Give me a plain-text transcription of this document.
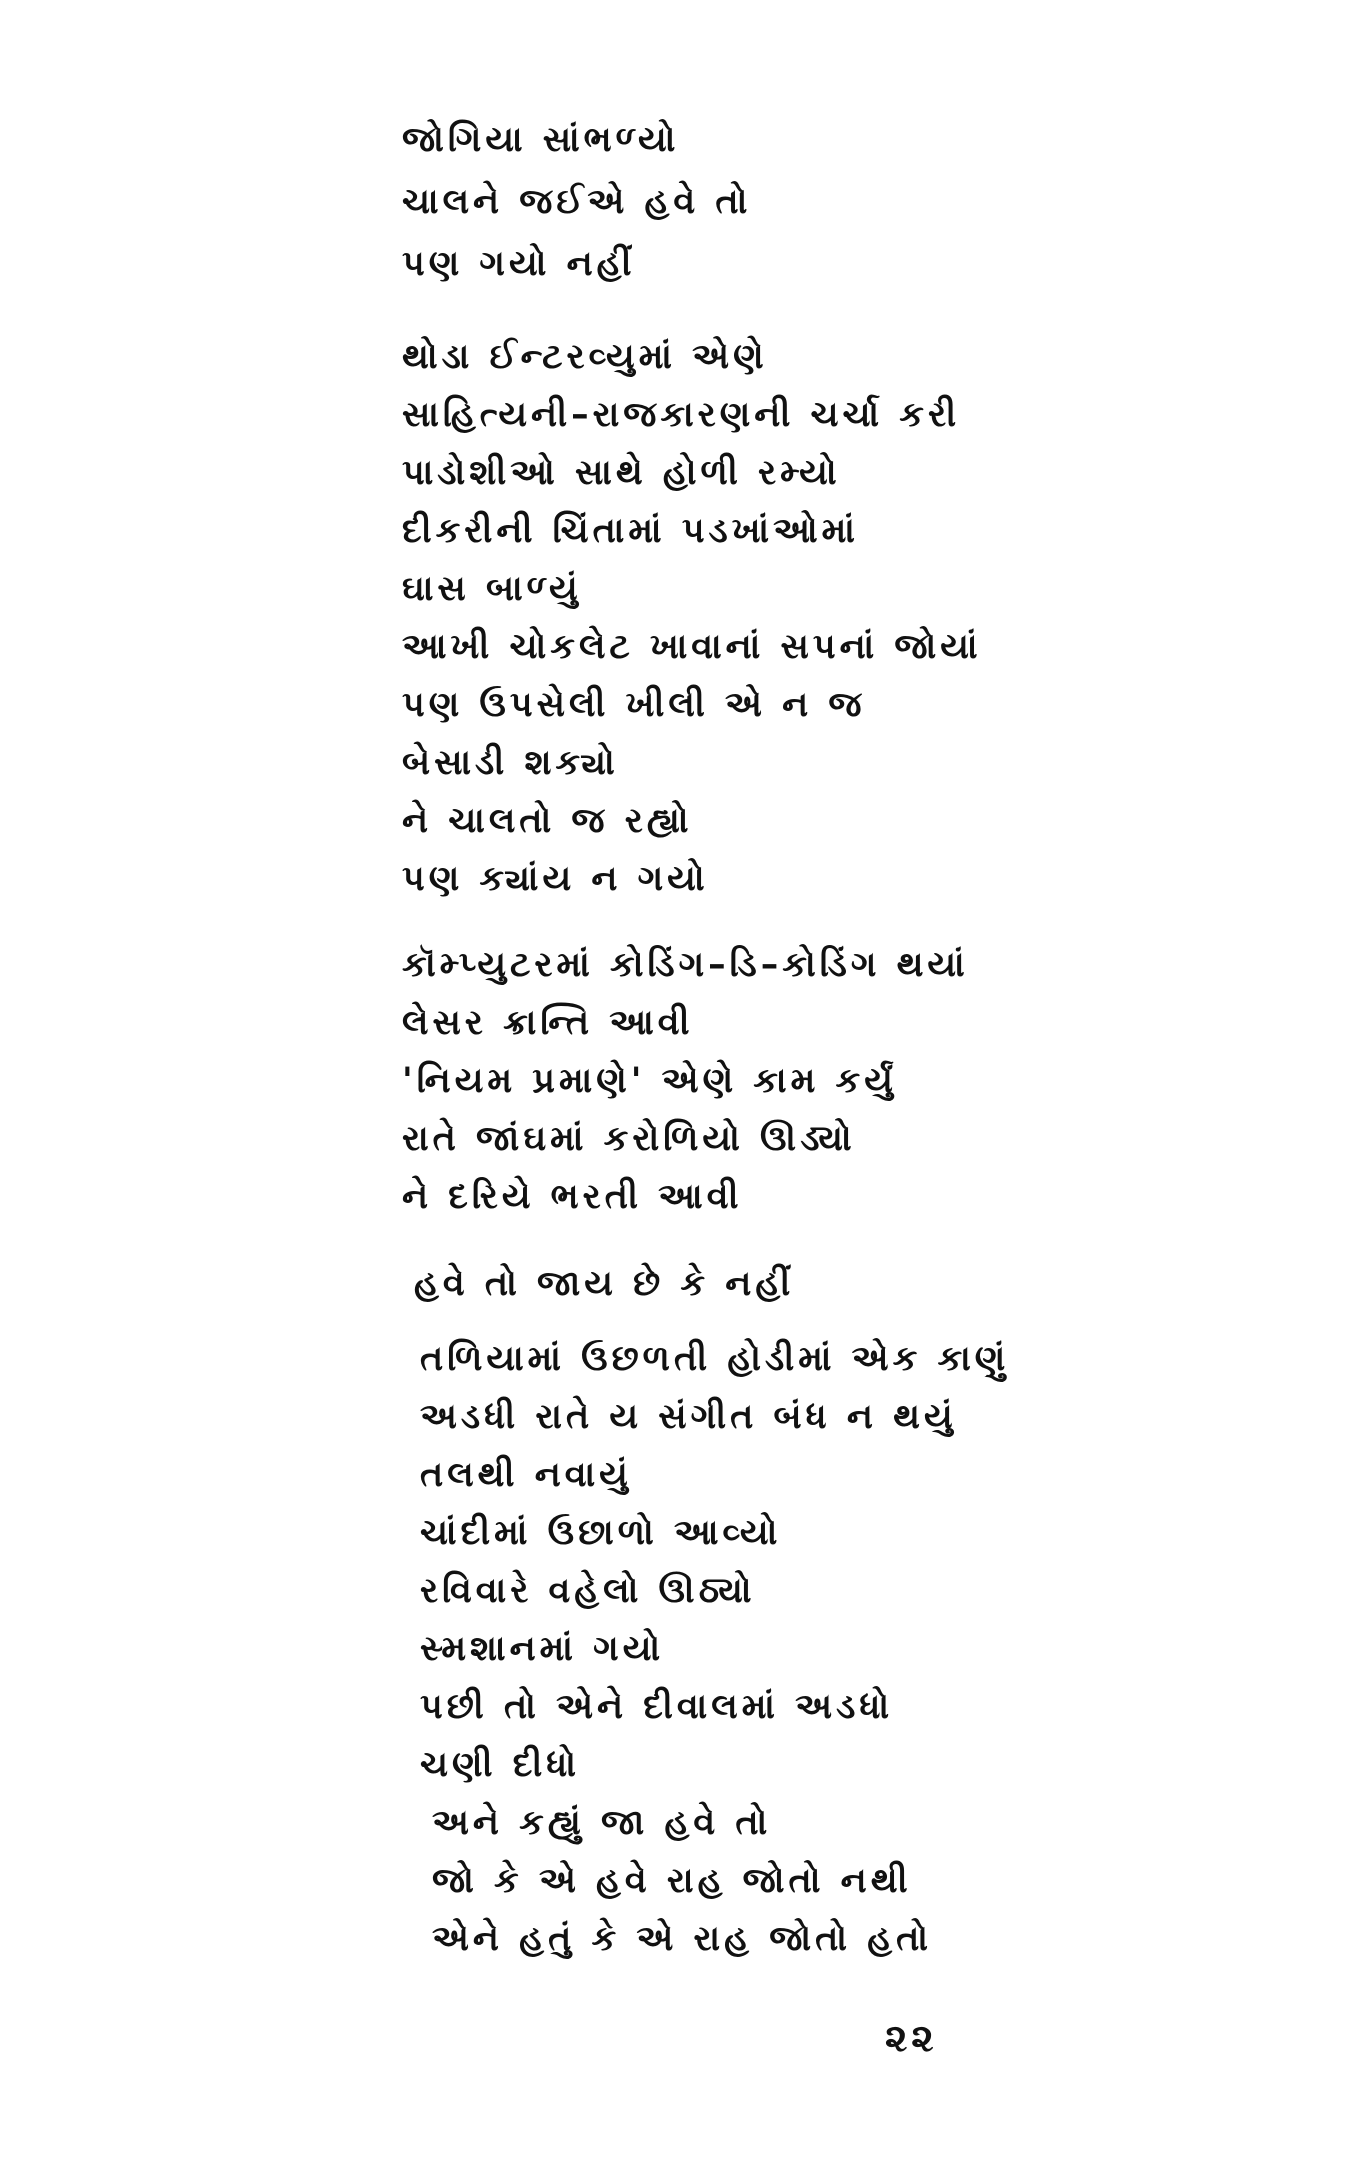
જોગિયા સાંભળ્યો
ચાલને જઈએ હવે તો
પણ ગયો નહીં
થોડા ઈન્ટરવ્યુમાં એણે
સાહિત્યની–રાજકારણની ચર્ચા કરી
પાડોશીઓ સાથે હોળી રમ્યો
દીકરીની ચિંતામાં પડખાંઓમાં
ઘાસ બાળ્યું
આખી ચોકલેટ ખાવાનાં સપનાં જોયાં
પણ ઉપસેલી ખીલી એ ન જ
બેસાડી શક્યો
ને ચાલતો જ રહ્યો
પણ ક્યાંય ન ગયો
કૉમ્પ્યુટરમાં કોડિંગ–ડિ–કોડિંગ થયાં
લેસર ક્રાન્તિ આવી
'નિયમ પ્રમાણે' એણે કામ કર્યું
રાતે જાંઘમાં કરોળિયો ઊડ્યો
ને દરિયે ભરતી આવી
હવે તો જાય છે કે નહીં
તળિયામાં ઉછળતી હોડીમાં એક કાણું
અડધી રાતે ય સંગીત બંધ ન થયું
તલથી નવાયું
ચાંદીમાં ઉછાળો આવ્યો
રવિવારે વહેલો ઊઠ્યો
સ્મશાનમાં ગયો
પછી તો એને દીવાલમાં અડધો
ચણી દીધો
અને કહ્યું જા હવે તો
જો કે એ હવે રાહ જોતો નથી
એને હતું કે એ રાહ જોતો હતો
૨૨
